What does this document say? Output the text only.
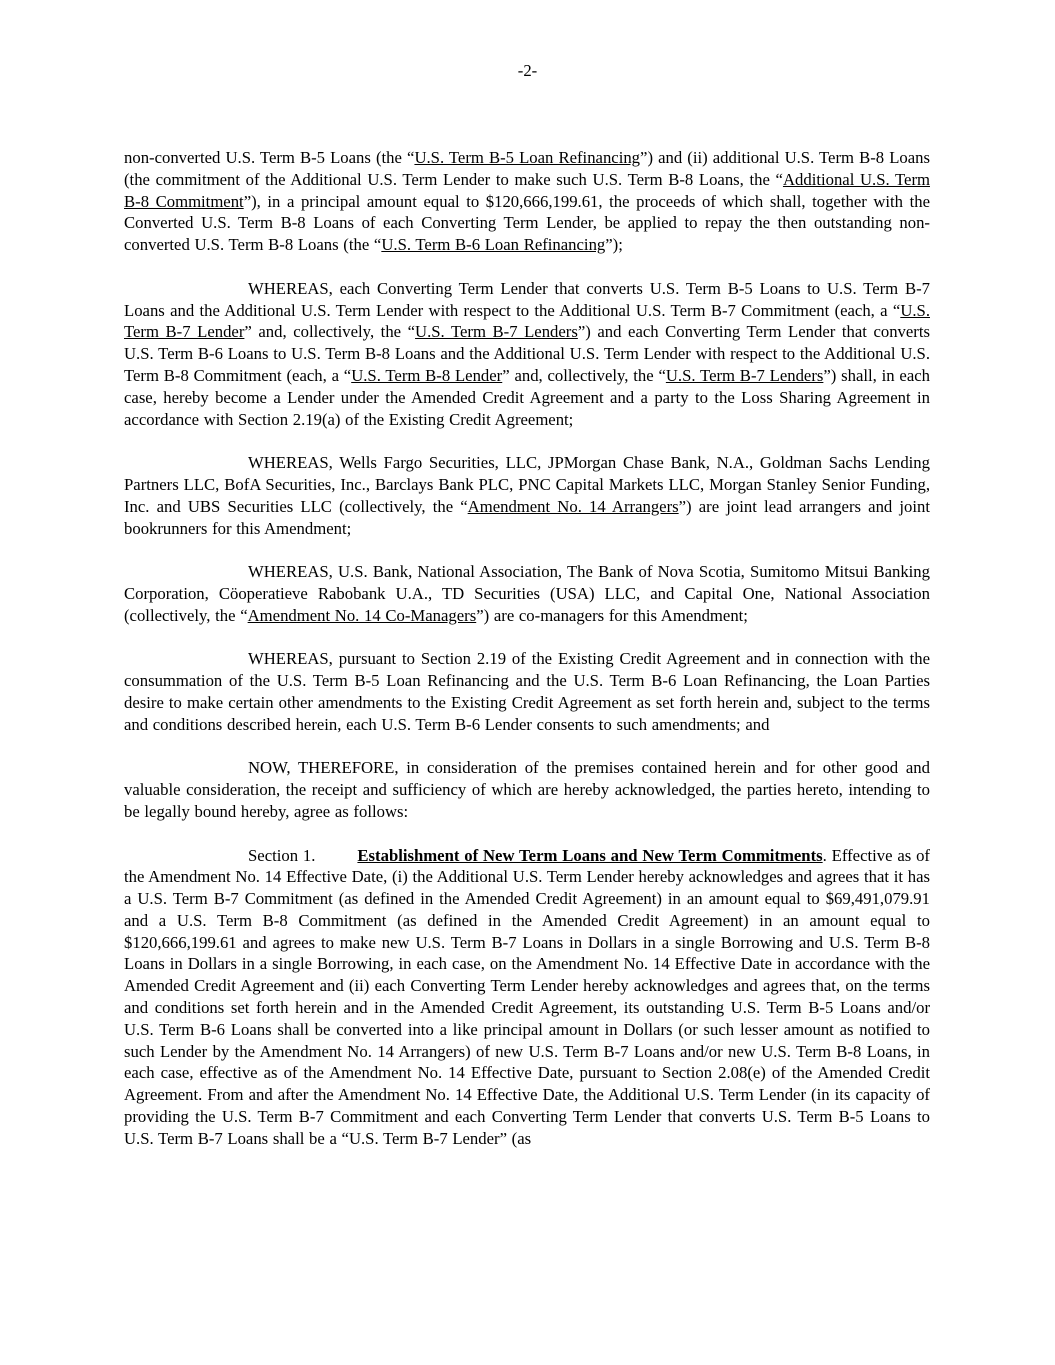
-2-

non-converted U.S. Term B-5 Loans (the “U.S. Term B-5 Loan Refinancing”) and (ii) additional U.S. Term B-8 Loans (the commitment of the Additional U.S. Term Lender to make such U.S. Term B-8 Loans, the “Additional U.S. Term B-8 Commitment”), in a principal amount equal to $120,666,199.61, the proceeds of which shall, together with the Converted U.S. Term B-8 Loans of each Converting Term Lender, be applied to repay the then outstanding non-converted U.S. Term B-8 Loans (the “U.S. Term B-6 Loan Refinancing”);

WHEREAS, each Converting Term Lender that converts U.S. Term B-5 Loans to U.S. Term B-7 Loans and the Additional U.S. Term Lender with respect to the Additional U.S. Term B-7 Commitment (each, a “U.S. Term B-7 Lender” and, collectively, the “U.S. Term B-7 Lenders”) and each Converting Term Lender that converts U.S. Term B-6 Loans to U.S. Term B-8 Loans and the Additional U.S. Term Lender with respect to the Additional U.S. Term B-8 Commitment (each, a “U.S. Term B-8 Lender” and, collectively, the “U.S. Term B-7 Lenders”) shall, in each case, hereby become a Lender under the Amended Credit Agreement and a party to the Loss Sharing Agreement in accordance with Section 2.19(a) of the Existing Credit Agreement;

WHEREAS, Wells Fargo Securities, LLC, JPMorgan Chase Bank, N.A., Goldman Sachs Lending Partners LLC, BofA Securities, Inc., Barclays Bank PLC, PNC Capital Markets LLC, Morgan Stanley Senior Funding, Inc. and UBS Securities LLC (collectively, the “Amendment No. 14 Arrangers”) are joint lead arrangers and joint bookrunners for this Amendment;

WHEREAS, U.S. Bank, National Association, The Bank of Nova Scotia, Sumitomo Mitsui Banking Corporation, Cöoperatieve Rabobank U.A., TD Securities (USA) LLC, and Capital One, National Association (collectively, the “Amendment No. 14 Co-Managers”) are co-managers for this Amendment;

WHEREAS, pursuant to Section 2.19 of the Existing Credit Agreement and in connection with the consummation of the U.S. Term B-5 Loan Refinancing and the U.S. Term B-6 Loan Refinancing, the Loan Parties desire to make certain other amendments to the Existing Credit Agreement as set forth herein and, subject to the terms and conditions described herein, each U.S. Term B-6 Lender consents to such amendments; and

NOW, THEREFORE, in consideration of the premises contained herein and for other good and valuable consideration, the receipt and sufficiency of which are hereby acknowledged, the parties hereto, intending to be legally bound hereby, agree as follows:

Section 1.	Establishment of New Term Loans and New Term Commitments. Effective as of the Amendment No. 14 Effective Date, (i) the Additional U.S. Term Lender hereby acknowledges and agrees that it has a U.S. Term B-7 Commitment (as defined in the Amended Credit Agreement) in an amount equal to $69,491,079.91 and a U.S. Term B-8 Commitment (as defined in the Amended Credit Agreement) in an amount equal to $120,666,199.61 and agrees to make new U.S. Term B-7 Loans in Dollars in a single Borrowing and U.S. Term B-8 Loans in Dollars in a single Borrowing, in each case, on the Amendment No. 14 Effective Date in accordance with the Amended Credit Agreement and (ii) each Converting Term Lender hereby acknowledges and agrees that, on the terms and conditions set forth herein and in the Amended Credit Agreement, its outstanding U.S. Term B-5 Loans and/or U.S. Term B-6 Loans shall be converted into a like principal amount in Dollars (or such lesser amount as notified to such Lender by the Amendment No. 14 Arrangers) of new U.S. Term B-7 Loans and/or new U.S. Term B-8 Loans, in each case, effective as of the Amendment No. 14 Effective Date, pursuant to Section 2.08(e) of the Amended Credit Agreement. From and after the Amendment No. 14 Effective Date, the Additional U.S. Term Lender (in its capacity of providing the U.S. Term B-7 Commitment and each Converting Term Lender that converts U.S. Term B-5 Loans to U.S. Term B-7 Loans shall be a “U.S. Term B-7 Lender” (as
